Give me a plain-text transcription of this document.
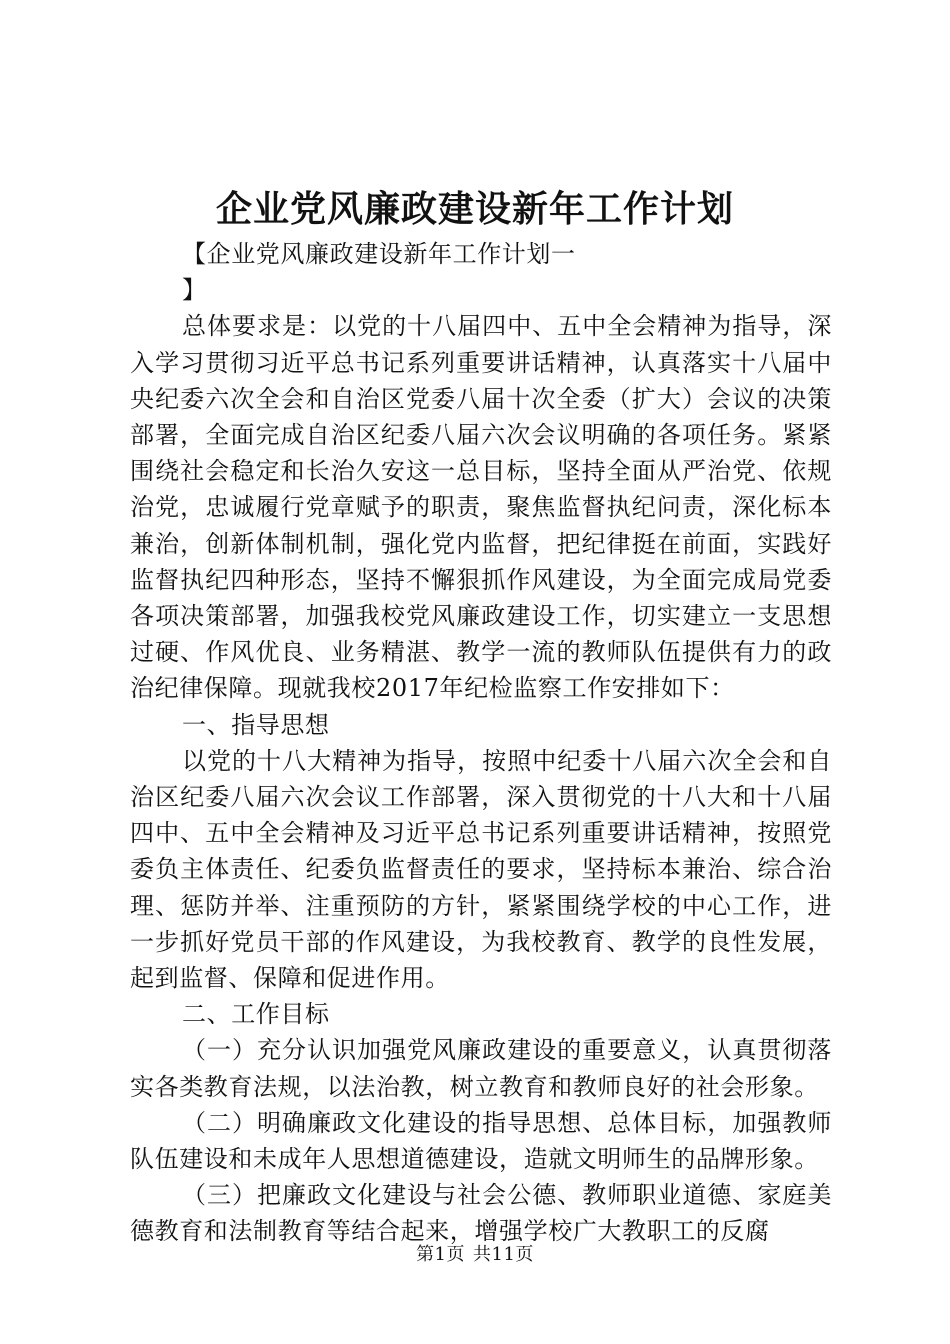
企业党风廉政建设新年工作计划

【企业党风廉政建设新年工作计划一

】

总体要求是：以党的十八届四中、五中全会精神为指导，深入学习贯彻习近平总书记系列重要讲话精神，认真落实十八届中央纪委六次全会和自治区党委八届十次全委（扩大）会议的决策部署，全面完成自治区纪委八届六次会议明确的各项任务。紧紧围绕社会稳定和长治久安这一总目标，坚持全面从严治党、依规治党，忠诚履行党章赋予的职责，聚焦监督执纪问责，深化标本兼治，创新体制机制，强化党内监督，把纪律挺在前面，实践好监督执纪四种形态，坚持不懈狠抓作风建设，为全面完成局党委各项决策部署，加强我校党风廉政建设工作，切实建立一支思想过硬、作风优良、业务精湛、教学一流的教师队伍提供有力的政治纪律保障。现就我校2017年纪检监察工作安排如下：

一、指导思想

以党的十八大精神为指导，按照中纪委十八届六次全会和自治区纪委八届六次会议工作部署，深入贯彻党的十八大和十八届四中、五中全会精神及习近平总书记系列重要讲话精神，按照党委负主体责任、纪委负监督责任的要求，坚持标本兼治、综合治理、惩防并举、注重预防的方针，紧紧围绕学校的中心工作，进一步抓好党员干部的作风建设，为我校教育、教学的良性发展，起到监督、保障和促进作用。

二、工作目标

（一）充分认识加强党风廉政建设的重要意义，认真贯彻落实各类教育法规，以法治教，树立教育和教师良好的社会形象。

（二）明确廉政文化建设的指导思想、总体目标，加强教师队伍建设和未成年人思想道德建设，造就文明师生的品牌形象。

（三）把廉政文化建设与社会公德、教师职业道德、家庭美德教育和法制教育等结合起来，增强学校广大教职工的反腐

第1页 共11页
